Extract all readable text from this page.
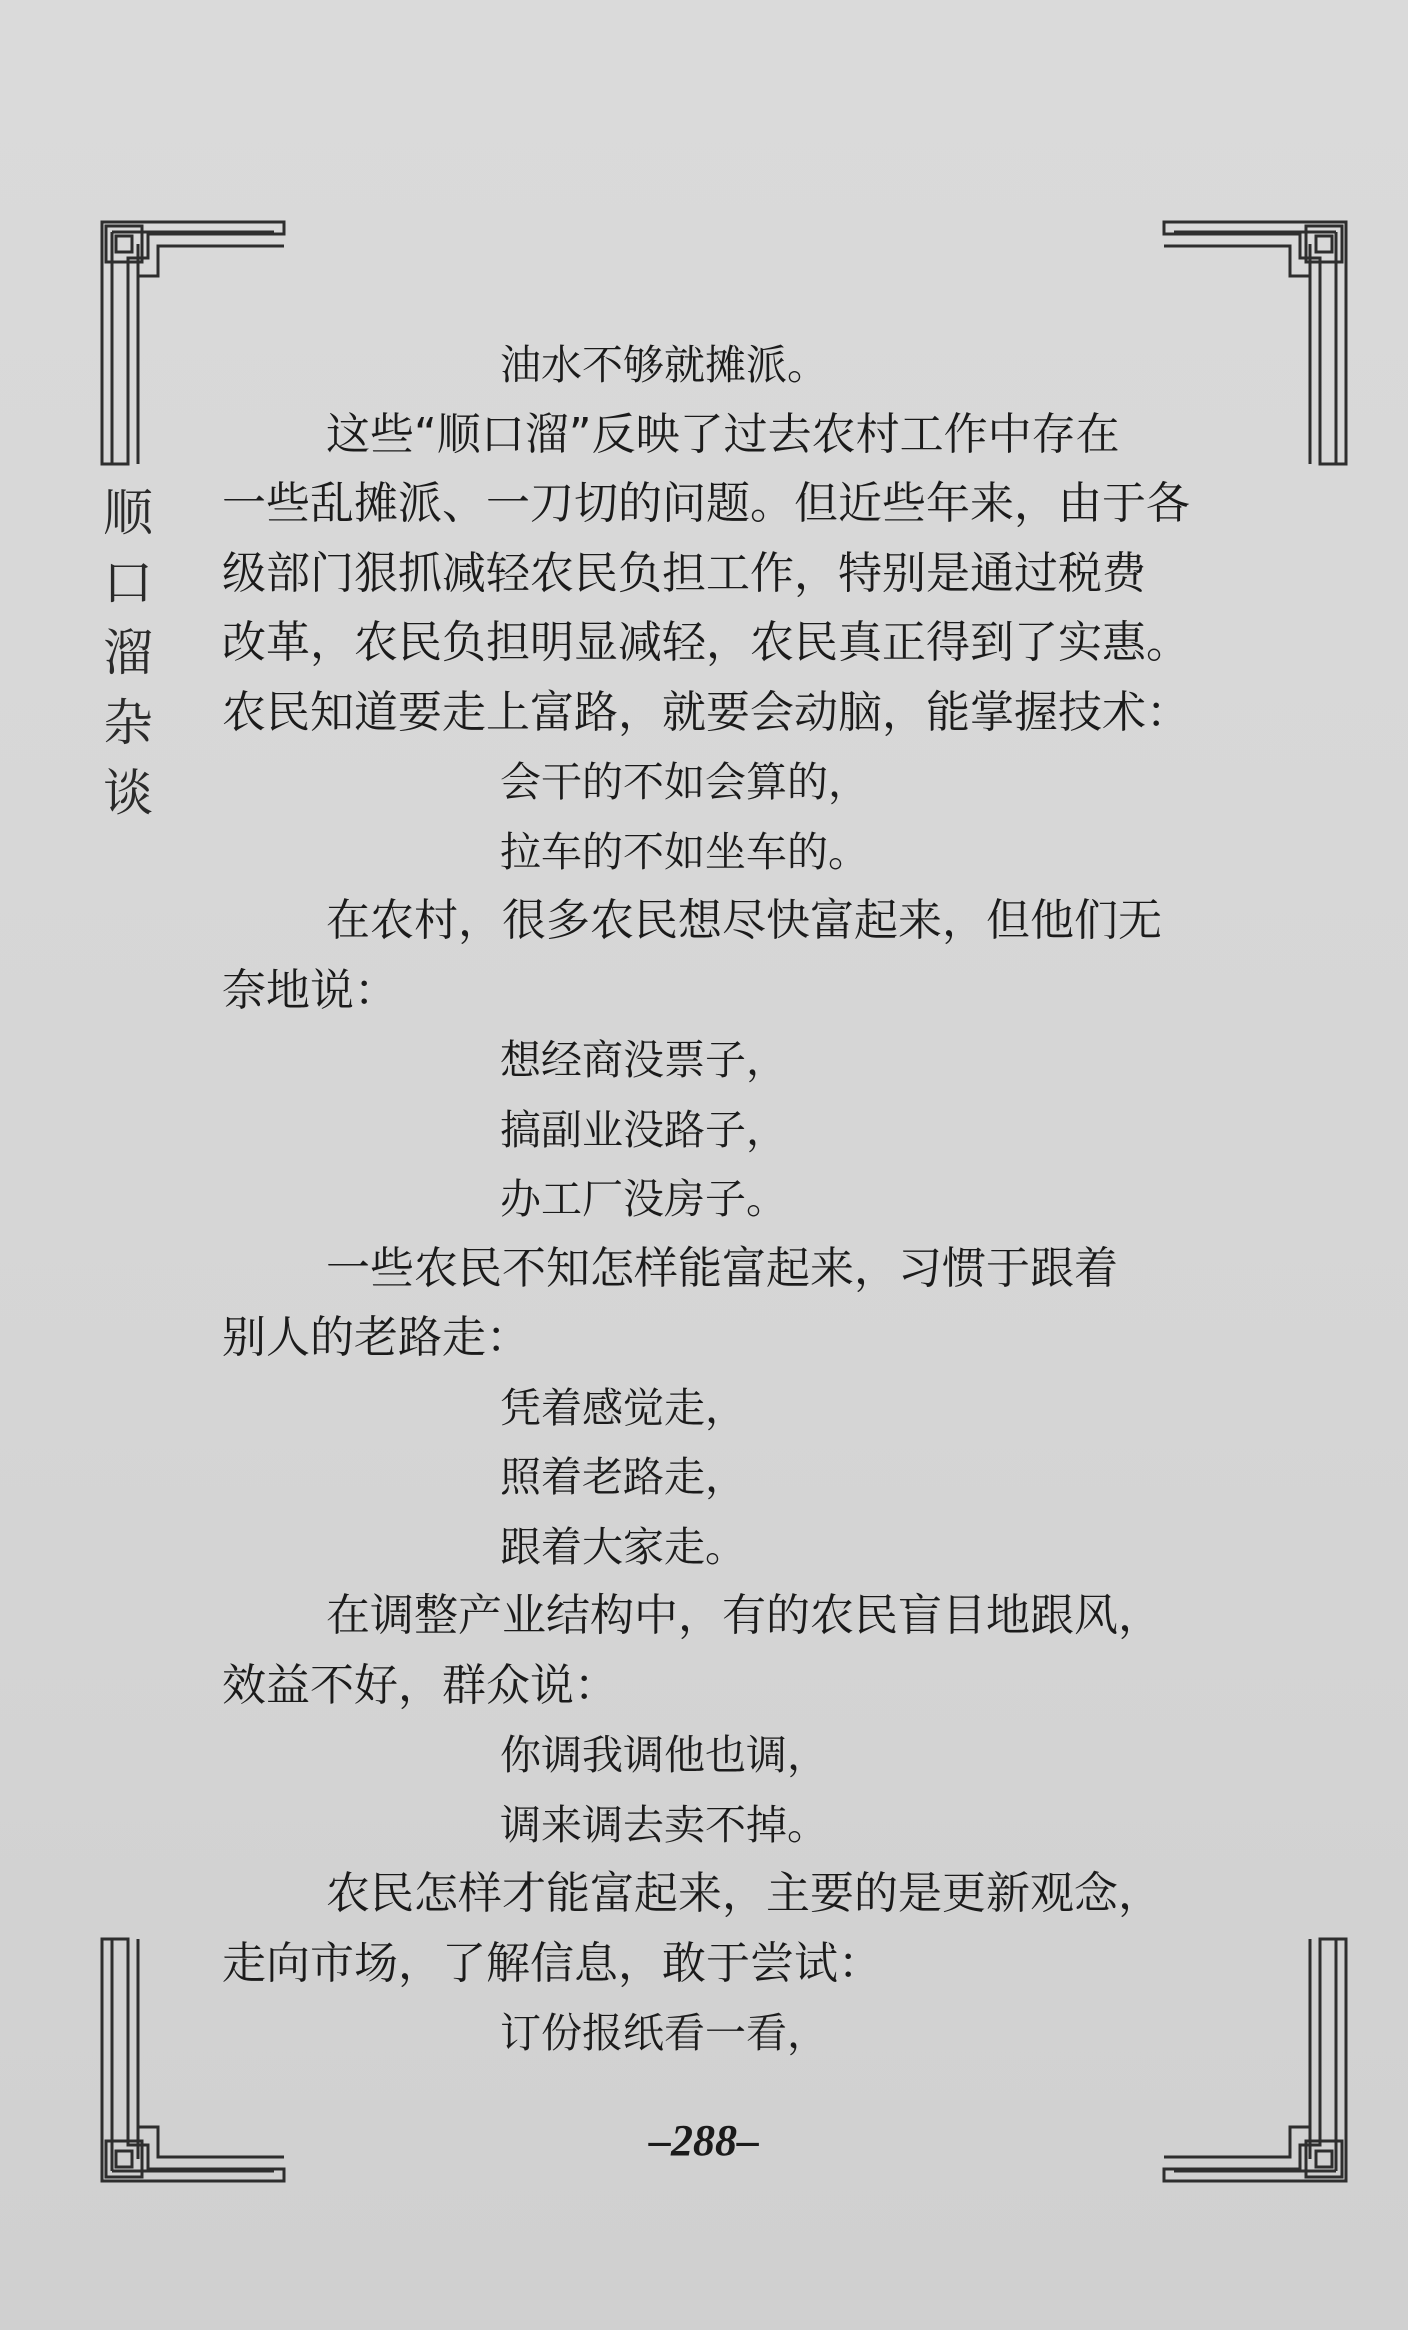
顺
口
溜
杂
谈
油水不够就摊派。
这些“顺口溜”反映了过去农村工作中存在
一些乱摊派、一刀切的问题。但近些年来，由于各
级部门狠抓减轻农民负担工作，特别是通过税费
改革，农民负担明显减轻，农民真正得到了实惠。
农民知道要走上富路，就要会动脑，能掌握技术：
会干的不如会算的，
拉车的不如坐车的。
在农村，很多农民想尽快富起来，但他们无
奈地说：
想经商没票子，
搞副业没路子，
办工厂没房子。
一些农民不知怎样能富起来，习惯于跟着
别人的老路走：
凭着感觉走，
照着老路走，
跟着大家走。
在调整产业结构中，有的农民盲目地跟风，
效益不好，群众说：
你调我调他也调，
调来调去卖不掉。
农民怎样才能富起来，主要的是更新观念，
走向市场，了解信息，敢于尝试：
订份报纸看一看，
–288–
